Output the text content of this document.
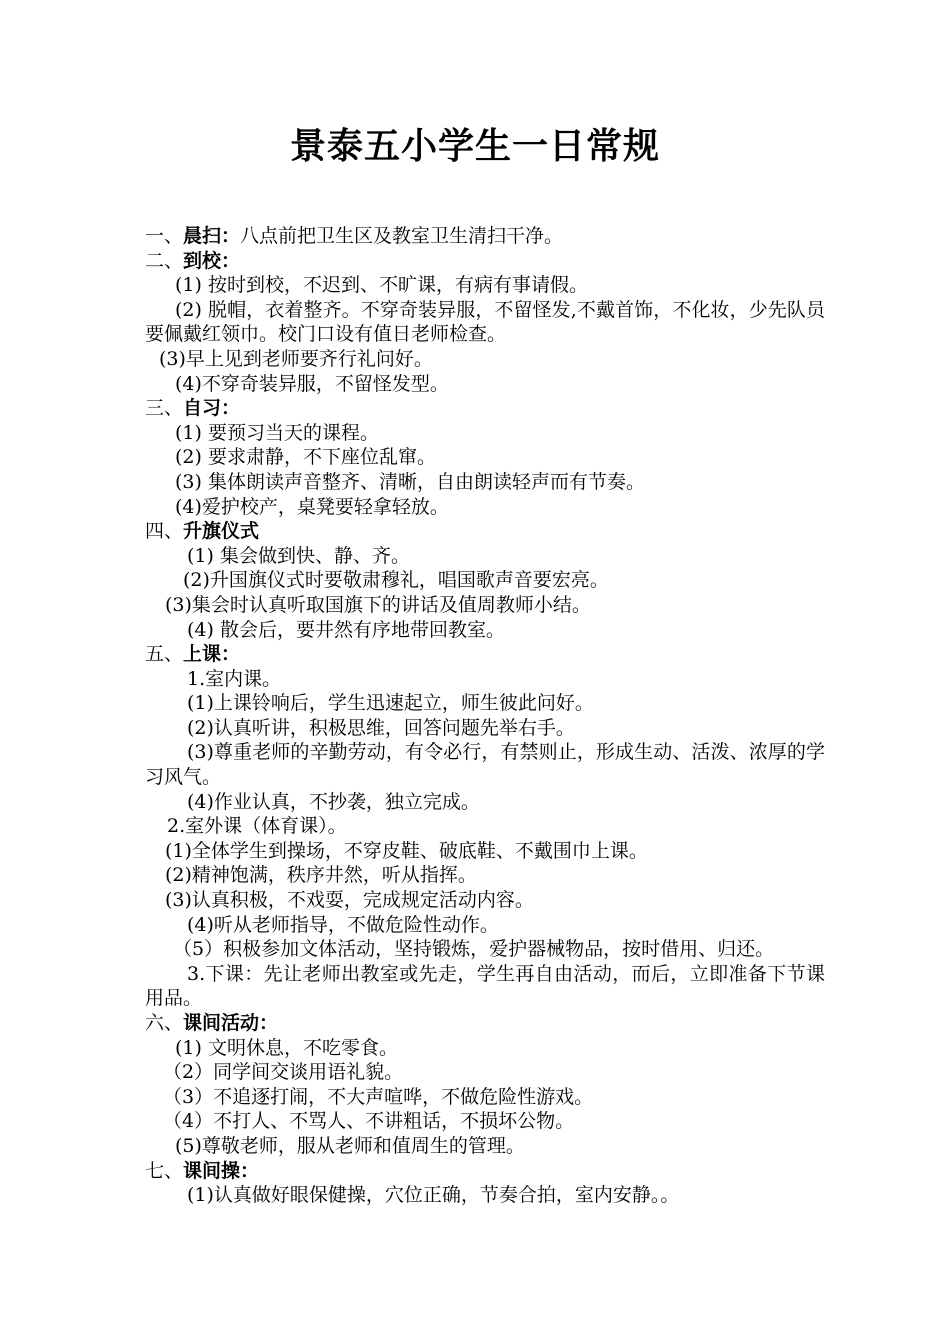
景泰五小学生一日常规
一、晨扫：八点前把卫生区及教室卫生清扫干净。
二、到校：
(1) 按时到校，不迟到、不旷课，有病有事请假。
(2) 脱帽，衣着整齐。不穿奇装异服，不留怪发,不戴首饰，不化妆，少先队员要佩戴红领巾。校门口设有值日老师检查。
(3)早上见到老师要齐行礼问好。
(4)不穿奇装异服，不留怪发型。
三、自习：
(1) 要预习当天的课程。
(2) 要求肃静，不下座位乱窜。
(3) 集体朗读声音整齐、清晰，自由朗读轻声而有节奏。
(4)爱护校产，桌凳要轻拿轻放。
四、升旗仪式
(1) 集会做到快、静、齐。
(2)升国旗仪式时要敬肃穆礼，唱国歌声音要宏亮。
(3)集会时认真听取国旗下的讲话及值周教师小结。
(4) 散会后，要井然有序地带回教室。
五、上课：
1.室内课。
(1)上课铃响后，学生迅速起立，师生彼此问好。
(2)认真听讲，积极思维，回答问题先举右手。
(3)尊重老师的辛勤劳动，有令必行，有禁则止，形成生动、活泼、浓厚的学习风气。
(4)作业认真，不抄袭，独立完成。
2.室外课（体育课）。
(1)全体学生到操场，不穿皮鞋、破底鞋、不戴围巾上课。
(2)精神饱满，秩序井然，听从指挥。
(3)认真积极，不戏耍，完成规定活动内容。
(4)听从老师指导，不做危险性动作。
（5）积极参加文体活动，坚持锻炼，爱护器械物品，按时借用、归还。
3.下课：先让老师出教室或先走，学生再自由活动，而后，立即准备下节课用品。
六、课间活动：
(1) 文明休息，不吃零食。
（2）同学间交谈用语礼貌。
（3）不追逐打闹，不大声喧哗，不做危险性游戏。
（4）不打人、不骂人、不讲粗话，不损坏公物。
(5)尊敬老师，服从老师和值周生的管理。
七、课间操：
(1)认真做好眼保健操，穴位正确，节奏合拍，室内安静。。
